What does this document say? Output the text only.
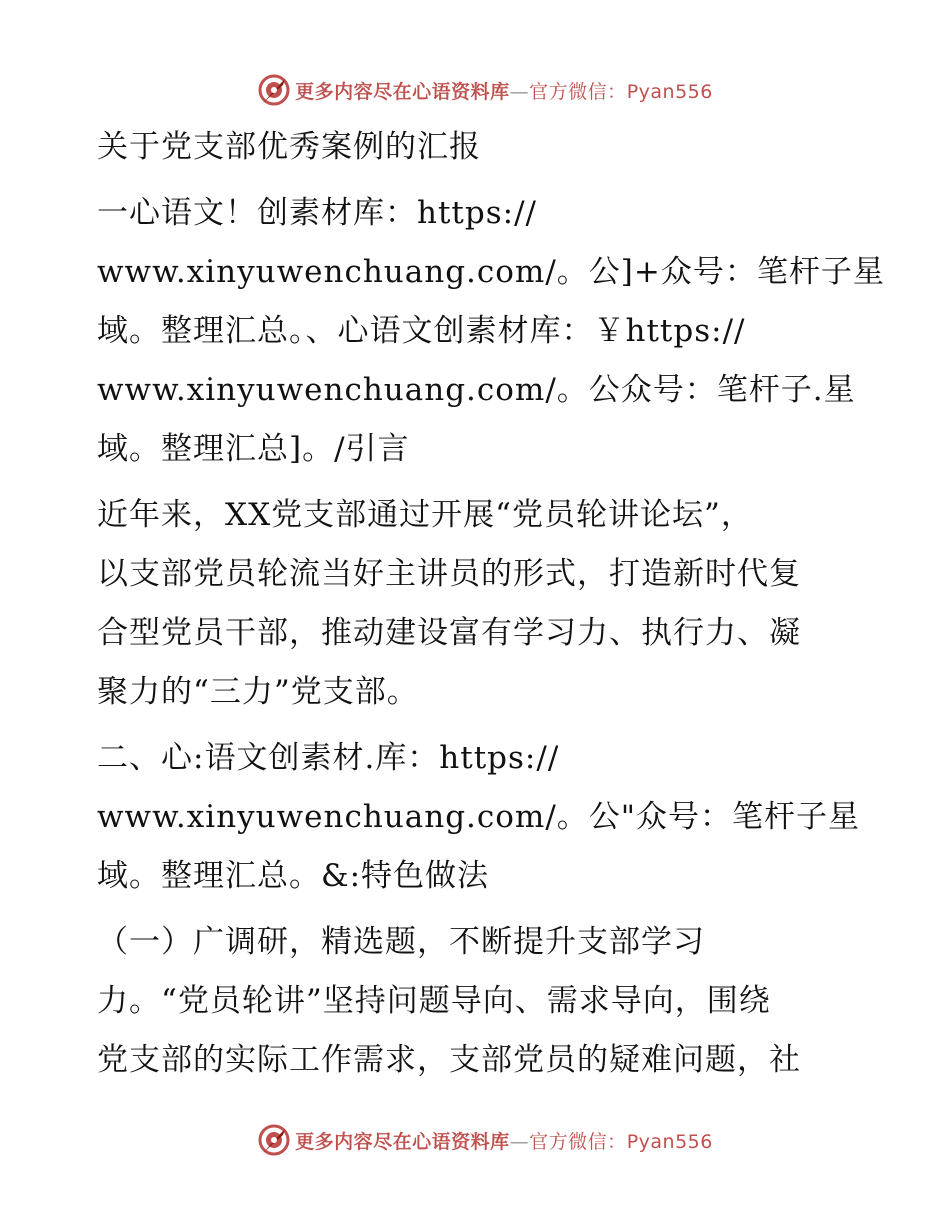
更多内容尽在心语资料库—官方微信：Pyan556
关于党支部优秀案例的汇报
一心语文！创素材库：https://
www.xinyuwenchuang.com/。公]+众号：笔杆子星
域。整理汇总。、心语文创素材库：￥https://
www.xinyuwenchuang.com/。公众号：笔杆子.星
域。整理汇总]。/引言
近年来，XX党支部通过开展“党员轮讲论坛”，
以支部党员轮流当好主讲员的形式，打造新时代复
合型党员干部，推动建设富有学习力、执行力、凝
聚力的“三力”党支部。
二、心:语文创素材.库：https://
www.xinyuwenchuang.com/。公"众号：笔杆子星
域。整理汇总。&:特色做法
（一）广调研，精选题，不断提升支部学习
力。“党员轮讲”坚持问题导向、需求导向，围绕
党支部的实际工作需求，支部党员的疑难问题，社
更多内容尽在心语资料库—官方微信：Pyan556
